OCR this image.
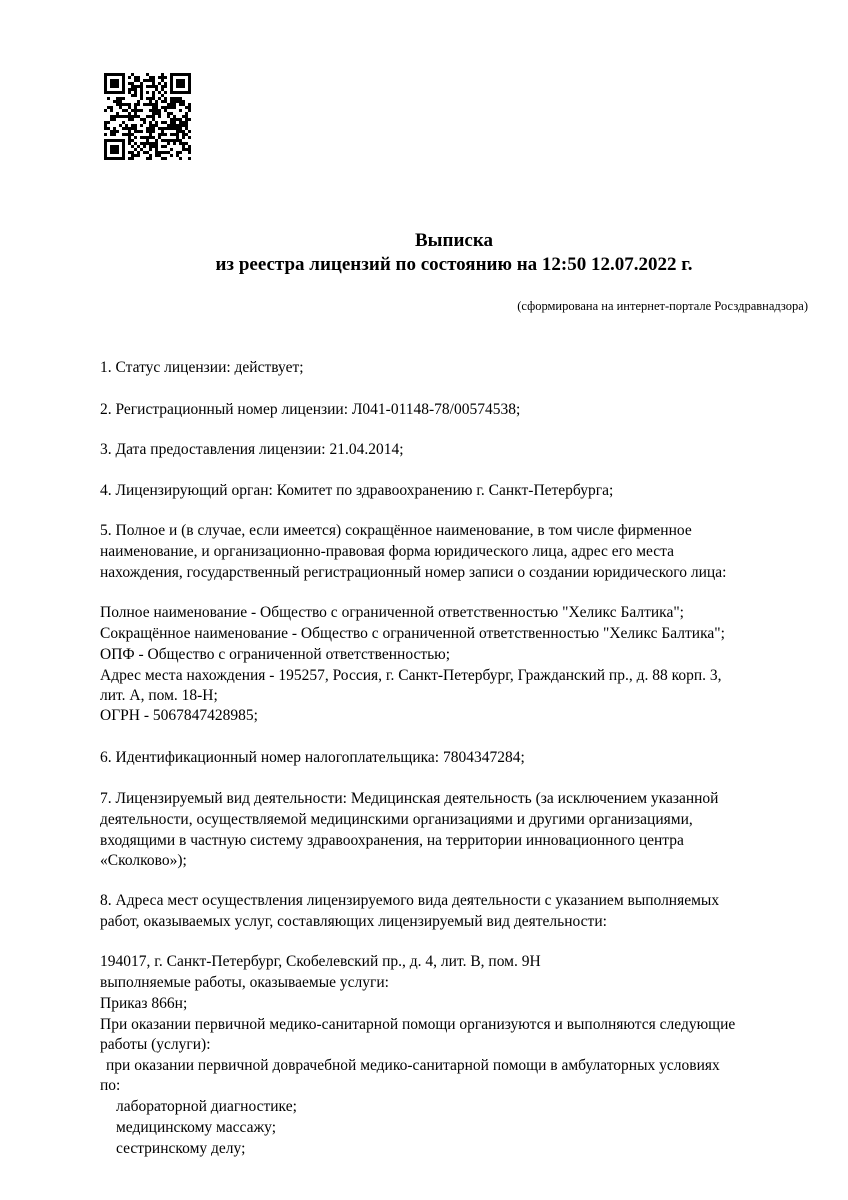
Выписка
из реестра лицензий по состоянию на 12:50 12.07.2022 г.
(сформирована на интернет-портале Росздравнадзора)

1. Статус лицензии: действует;

2. Регистрационный номер лицензии: Л041-01148-78/00574538;

3. Дата предоставления лицензии: 21.04.2014;

4. Лицензирующий орган: Комитет по здравоохранению г. Санкт-Петербурга;

5. Полное и (в случае, если имеется) сокращённое наименование, в том числе фирменное

наименование, и организационно-правовая форма юридического лица, адрес его места

нахождения, государственный регистрационный номер записи о создании юридического лица:

Полное наименование - Общество с ограниченной ответственностью "Хеликс Балтика";

Сокращённое наименование - Общество с ограниченной ответственностью "Хеликс Балтика";

ОПФ - Общество с ограниченной ответственностью;

Адрес места нахождения - 195257, Россия, г. Санкт-Петербург, Гражданский пр., д. 88 корп. 3,

лит. А, пом. 18-Н;

ОГРН - 5067847428985;

6. Идентификационный номер налогоплательщика: 7804347284;

7. Лицензируемый вид деятельности: Медицинская деятельность (за исключением указанной

деятельности, осуществляемой медицинскими организациями и другими организациями,

входящими в частную систему здравоохранения, на территории инновационного центра

«Сколково»);

8. Адреса мест осуществления лицензируемого вида деятельности с указанием выполняемых

работ, оказываемых услуг, составляющих лицензируемый вид деятельности:

194017, г. Санкт-Петербург, Скобелевский пр., д. 4, лит. В, пом. 9Н

выполняемые работы, оказываемые услуги:

Приказ 866н;

При оказании первичной медико-санитарной помощи организуются и выполняются следующие

работы (услуги):

при оказании первичной доврачебной медико-санитарной помощи в амбулаторных условиях

по:

лабораторной диагностике;

медицинскому массажу;

сестринскому делу;
